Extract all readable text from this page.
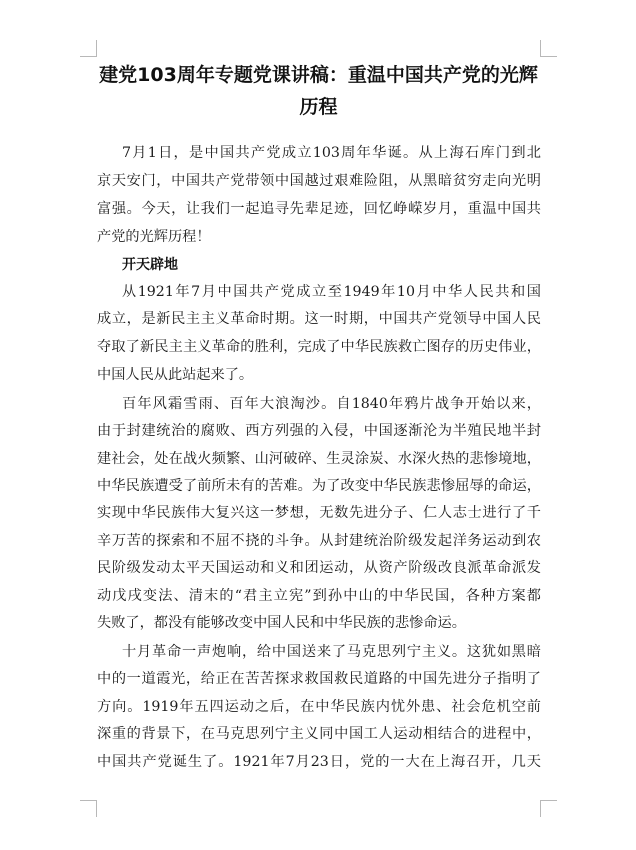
建党103周年专题党课讲稿：重温中国共产党的光辉
历程
7月1日，是中国共产党成立103周年华诞。从上海石库门到北
京天安门，中国共产党带领中国越过艰难险阻，从黑暗贫穷走向光明
富强。今天，让我们一起追寻先辈足迹，回忆峥嵘岁月，重温中国共
产党的光辉历程！
开天辟地
从1921年7月中国共产党成立至1949年10月中华人民共和国
成立，是新民主主义革命时期。这一时期，中国共产党领导中国人民
夺取了新民主主义革命的胜利，完成了中华民族救亡图存的历史伟业，
中国人民从此站起来了。
百年风霜雪雨、百年大浪淘沙。自1840年鸦片战争开始以来，
由于封建统治的腐败、西方列强的入侵，中国逐渐沦为半殖民地半封
建社会，处在战火频繁、山河破碎、生灵涂炭、水深火热的悲惨境地，
中华民族遭受了前所未有的苦难。为了改变中华民族悲惨屈辱的命运，
实现中华民族伟大复兴这一梦想，无数先进分子、仁人志士进行了千
辛万苦的探索和不屈不挠的斗争。从封建统治阶级发起洋务运动到农
民阶级发动太平天国运动和义和团运动，从资产阶级改良派革命派发
动戊戌变法、清末的“君主立宪”到孙中山的中华民国，各种方案都
失败了，都没有能够改变中国人民和中华民族的悲惨命运。
十月革命一声炮响，给中国送来了马克思列宁主义。这犹如黑暗
中的一道霞光，给正在苦苦探求救国救民道路的中国先进分子指明了
方向。1919年五四运动之后，在中华民族内忧外患、社会危机空前
深重的背景下，在马克思列宁主义同中国工人运动相结合的进程中，
中国共产党诞生了。1921年7月23日，党的一大在上海召开，几天
